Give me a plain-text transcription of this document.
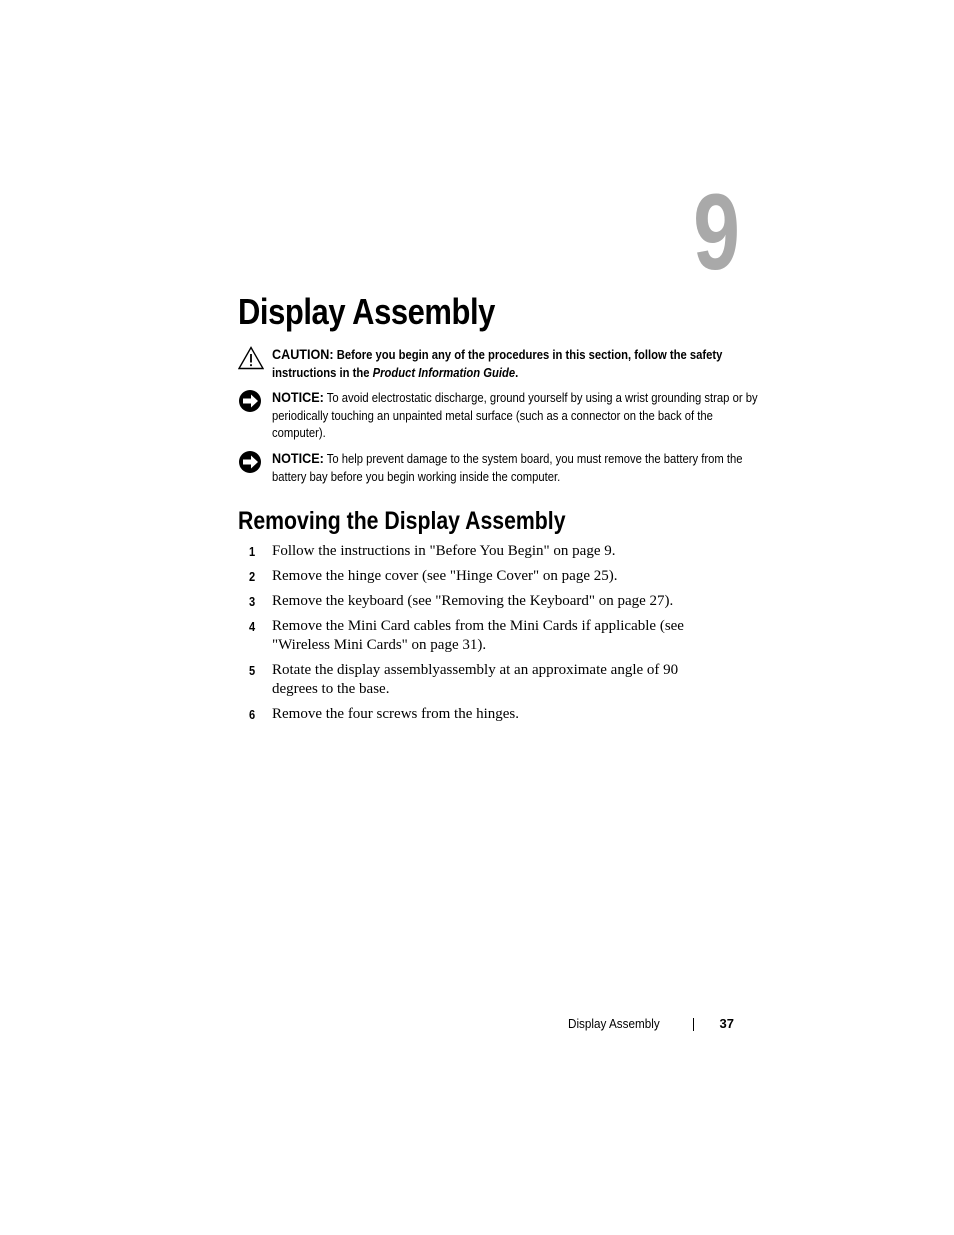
9
Display Assembly
CAUTION: Before you begin any of the procedures in this section, follow the safety instructions in the Product Information Guide.
NOTICE: To avoid electrostatic discharge, ground yourself by using a wrist grounding strap or by periodically touching an unpainted metal surface (such as a connector on the back of the computer).
NOTICE: To help prevent damage to the system board, you must remove the battery from the battery bay before you begin working inside the computer.
Removing the Display Assembly
1 Follow the instructions in "Before You Begin" on page 9.
2 Remove the hinge cover (see "Hinge Cover" on page 25).
3 Remove the keyboard (see "Removing the Keyboard" on page 27).
4 Remove the Mini Card cables from the Mini Cards if applicable (see "Wireless Mini Cards" on page 31).
5 Rotate the display assemblyassembly at an approximate angle of 90 degrees to the base.
6 Remove the four screws from the hinges.
Display Assembly	37
